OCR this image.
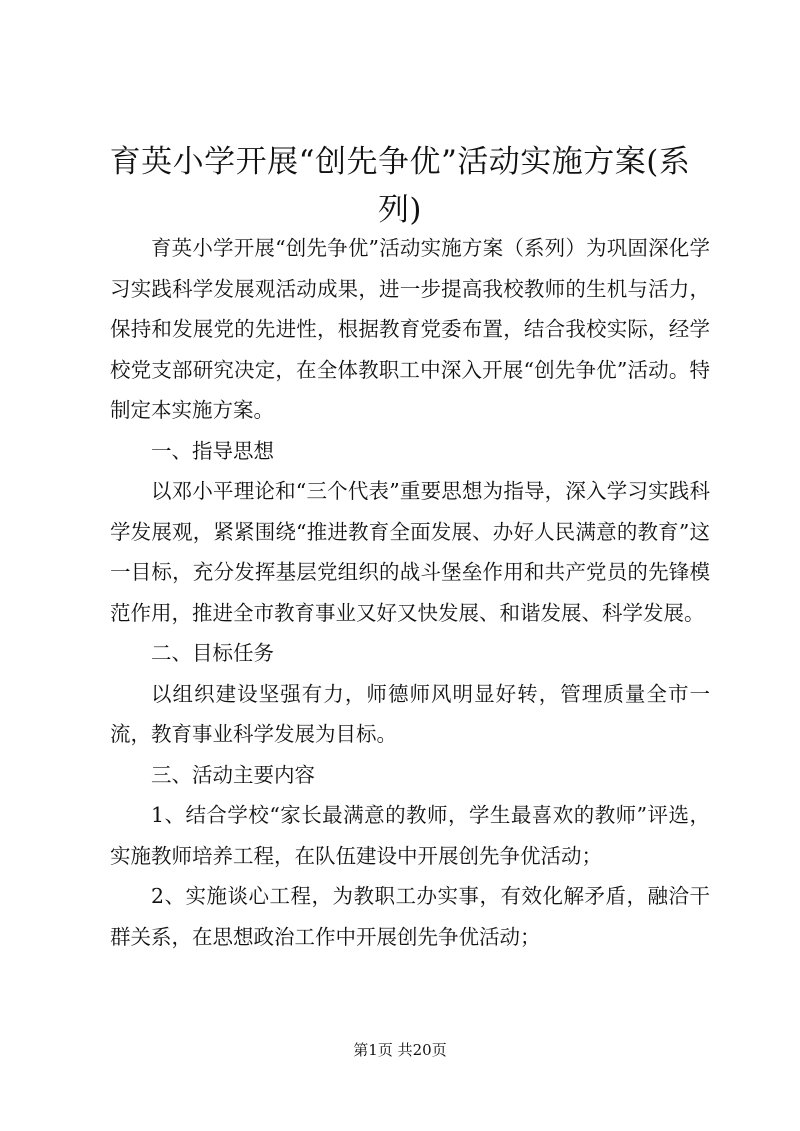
育英小学开展“创先争优”活动实施方案(系列)

育英小学开展“创先争优”活动实施方案（系列）为巩固深化学习实践科学发展观活动成果，进一步提高我校教师的生机与活力，保持和发展党的先进性，根据教育党委布置，结合我校实际，经学校党支部研究决定，在全体教职工中深入开展“创先争优”活动。特制定本实施方案。

一、指导思想

以邓小平理论和“三个代表”重要思想为指导，深入学习实践科学发展观，紧紧围绕“推进教育全面发展、办好人民满意的教育”这一目标，充分发挥基层党组织的战斗堡垒作用和共产党员的先锋模范作用，推进全市教育事业又好又快发展、和谐发展、科学发展。

二、目标任务

以组织建设坚强有力，师德师风明显好转，管理质量全市一流，教育事业科学发展为目标。

三、活动主要内容

1、结合学校“家长最满意的教师，学生最喜欢的教师”评选，实施教师培养工程，在队伍建设中开展创先争优活动；

2、实施谈心工程，为教职工办实事，有效化解矛盾，融洽干群关系，在思想政治工作中开展创先争优活动；

第1页 共20页
